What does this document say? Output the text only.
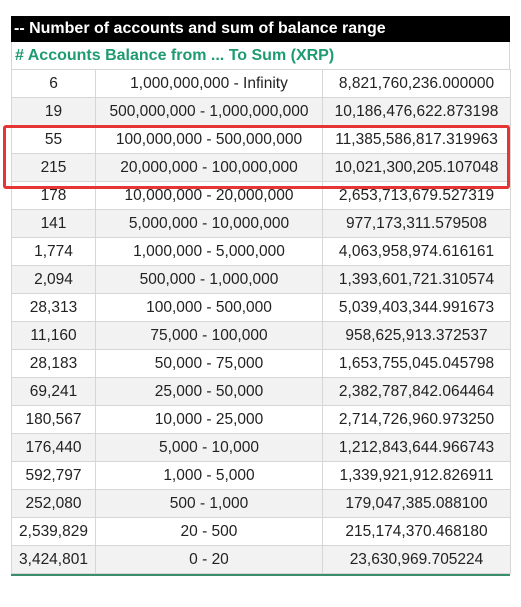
-- Number of accounts and sum of balance range
# Accounts Balance from ... To Sum (XRP)
6	1,000,000,000 - Infinity	8,821,760,236.000000
19	500,000,000 - 1,000,000,000	10,186,476,622.873198
55	100,000,000 - 500,000,000	11,385,586,817.319963
215	20,000,000 - 100,000,000	10,021,300,205.107048
178	10,000,000 - 20,000,000	2,653,713,679.527319
141	5,000,000 - 10,000,000	977,173,311.579508
1,774	1,000,000 - 5,000,000	4,063,958,974.616161
2,094	500,000 - 1,000,000	1,393,601,721.310574
28,313	100,000 - 500,000	5,039,403,344.991673
11,160	75,000 - 100,000	958,625,913.372537
28,183	50,000 - 75,000	1,653,755,045.045798
69,241	25,000 - 50,000	2,382,787,842.064464
180,567	10,000 - 25,000	2,714,726,960.973250
176,440	5,000 - 10,000	1,212,843,644.966743
592,797	1,000 - 5,000	1,339,921,912.826911
252,080	500 - 1,000	179,047,385.088100
2,539,829	20 - 500	215,174,370.468180
3,424,801	0 - 20	23,630,969.705224
